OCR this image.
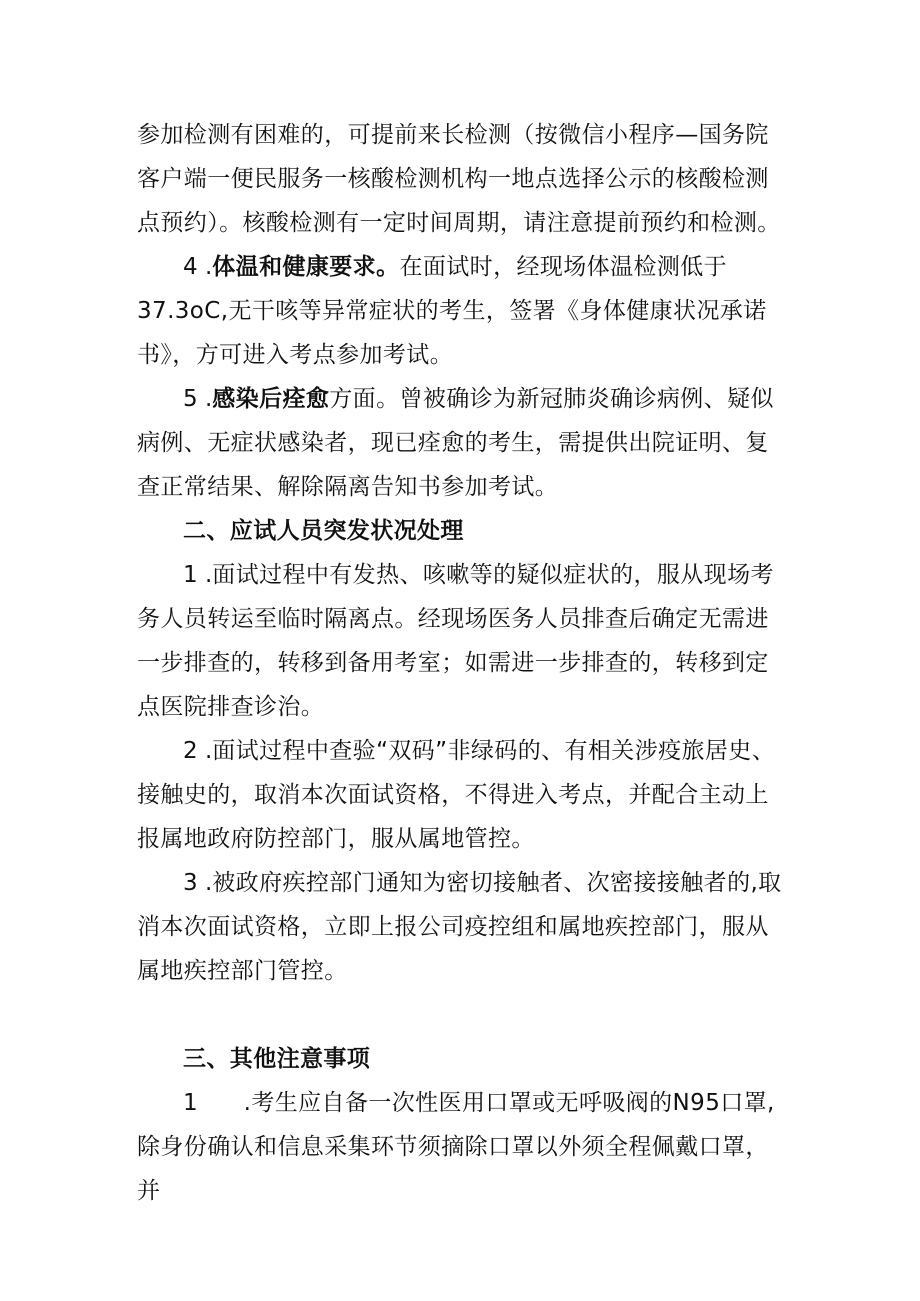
参加检测有困难的，可提前来长检测（按微信小程序—国务院客户端一便民服务一核酸检测机构一地点选择公示的核酸检测点预约）。核酸检测有一定时间周期，请注意提前预约和检测。

4 .体温和健康要求。在面试时，经现场体温检测低于37.3oC,无干咳等异常症状的考生，签署《身体健康状况承诺书》，方可进入考点参加考试。

5 .感染后痊愈方面。曾被确诊为新冠肺炎确诊病例、疑似病例、无症状感染者，现已痊愈的考生，需提供出院证明、复查正常结果、解除隔离告知书参加考试。

二、应试人员突发状况处理

1 .面试过程中有发热、咳嗽等的疑似症状的，服从现场考务人员转运至临时隔离点。经现场医务人员排查后确定无需进一步排查的，转移到备用考室；如需进一步排查的，转移到定点医院排查诊治。

2 .面试过程中查验“双码”非绿码的、有相关涉疫旅居史、接触史的，取消本次面试资格，不得进入考点，并配合主动上报属地政府防控部门，服从属地管控。

3 .被政府疾控部门通知为密切接触者、次密接接触者的,取消本次面试资格，立即上报公司疫控组和属地疾控部门，服从属地疾控部门管控。

三、其他注意事项

1 .考生应自备一次性医用口罩或无呼吸阀的N95口罩,除身份确认和信息采集环节须摘除口罩以外须全程佩戴口罩，并
